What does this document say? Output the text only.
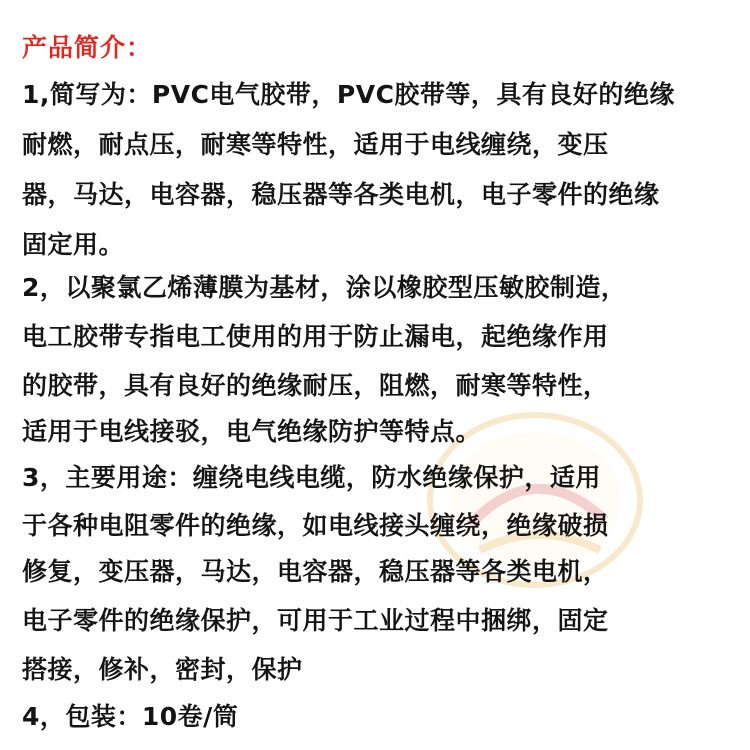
产品简介：
1,简写为：PVC电气胶带，PVC胶带等，具有良好的绝缘
耐燃，耐点压，耐寒等特性，适用于电线缠绕，变压
器，马达，电容器，稳压器等各类电机，电子零件的绝缘
固定用。
2，以聚氯乙烯薄膜为基材，涂以橡胶型压敏胶制造，
电工胶带专指电工使用的用于防止漏电，起绝缘作用
的胶带，具有良好的绝缘耐压，阻燃，耐寒等特性，
适用于电线接驳，电气绝缘防护等特点。
3，主要用途：缠绕电线电缆，防水绝缘保护，适用
于各种电阻零件的绝缘，如电线接头缠绕，绝缘破损
修复，变压器，马达，电容器，稳压器等各类电机，
电子零件的绝缘保护，可用于工业过程中捆绑，固定
搭接，修补，密封，保护
4，包装：10卷/筒
